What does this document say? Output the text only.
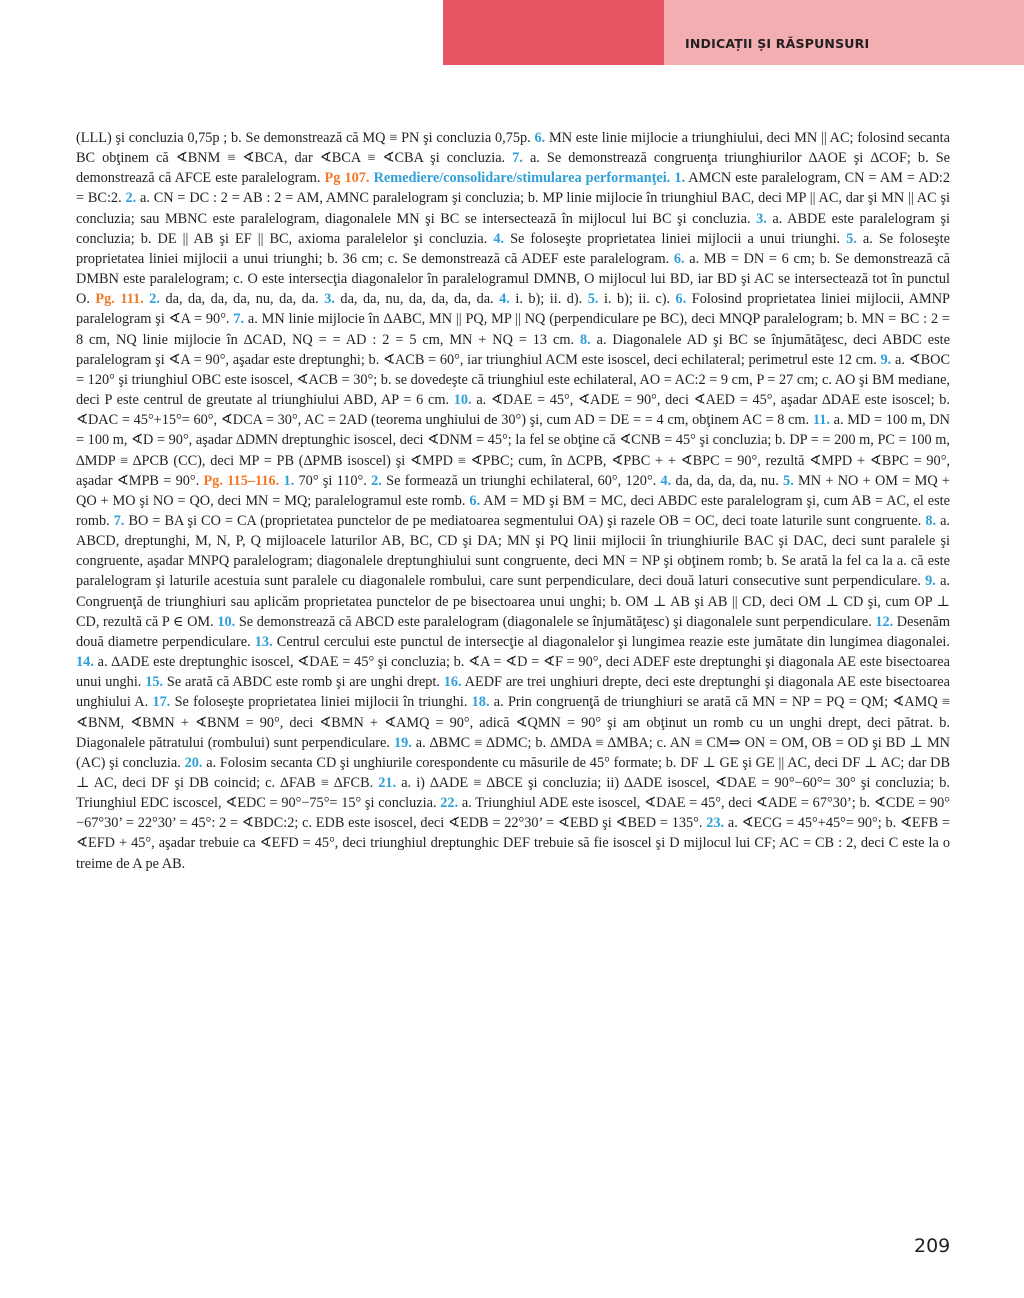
INDICAȚII ȘI RĂSPUNSURI

(LLL) şi concluzia 0,75p ; b. Se demonstrează că MQ ≡ PN şi concluzia 0,75p. 6. MN este linie mijlocie a triunghiului, deci MN || AC; folosind secanta BC obţinem că ∢BNM ≡ ∢BCA, dar ∢BCA ≡ ∢CBA şi concluzia. 7. a. Se demonstrează congruenţa triunghiurilor ∆AOE şi ∆COF; b. Se demonstrează că AFCE este paralelogram. Pg 107. Remediere/consolidare/stimularea performanţei. 1. AMCN este paralelogram, CN = AM = AD:2 = BC:2. 2. a. CN = DC : 2 = AB : 2 = AM, AMNC paralelogram şi concluzia; b. MP linie mijlocie în triunghiul BAC, deci MP || AC, dar şi MN || AC şi concluzia; sau MBNC este paralelogram, diagonalele MN şi BC se intersectează în mijlocul lui BC şi concluzia. 3. a. ABDE este paralelogram şi concluzia; b. DE || AB şi EF || BC, axioma paralelelor şi concluzia. 4. Se foloseşte proprietatea liniei mijlocii a unui triunghi. 5. a. Se foloseşte proprietatea liniei mijlocii a unui triunghi; b. 36 cm; c. Se demonstrează că ADEF este paralelogram. 6. a. MB = DN = 6 cm; b. Se demonstrează că DMBN este paralelogram; c. O este intersecţia diagonalelor în paralelogramul DMNB, O mijlocul lui BD, iar BD şi AC se intersectează tot în punctul O. Pg. 111. 2. da, da, da, da, nu, da, da. 3. da, da, nu, da, da, da, da. 4. i. b); ii. d). 5. i. b); ii. c). 6. Folosind proprietatea liniei mijlocii, AMNP paralelogram şi ∢A = 90°. 7. a. MN linie mijlocie în ∆ABC, MN || PQ, MP || NQ (perpendiculare pe BC), deci MNQP paralelogram; b. MN = BC : 2 = 8 cm, NQ linie mijlocie în ∆CAD, NQ = = AD : 2 = 5 cm, MN + NQ = 13 cm. 8. a. Diagonalele AD şi BC se înjumătăţesc, deci ABDC este paralelogram şi ∢A = 90°, aşadar este dreptunghi; b. ∢ACB = 60°, iar triunghiul ACM este isoscel, deci echilateral; perimetrul este 12 cm. 9. a. ∢BOC = 120° şi triunghiul OBC este isoscel, ∢ACB = 30°; b. se dovedeşte că triunghiul este echilateral, AO = AC:2 = 9 cm, P = 27 cm; c. AO şi BM mediane, deci P este centrul de greutate al triunghiului ABD, AP = 6 cm. 10. a. ∢DAE = 45°, ∢ADE = 90°, deci ∢AED = 45°, aşadar ∆DAE este isoscel; b. ∢DAC = 45°+15°= 60°, ∢DCA = 30°, AC = 2AD (teorema unghiului de 30°) şi, cum AD = DE = = 4 cm, obţinem AC = 8 cm. 11. a. MD = 100 m, DN = 100 m, ∢D = 90°, aşadar ∆DMN dreptunghic isoscel, deci ∢DNM = 45°; la fel se obţine că ∢CNB = 45° şi concluzia; b. DP = = 200 m, PC = 100 m, ∆MDP ≡ ∆PCB (CC), deci MP = PB (∆PMB isoscel) şi ∢MPD ≡ ∢PBC; cum, în ∆CPB, ∢PBC + + ∢BPC = 90°, rezultă ∢MPD + ∢BPC = 90°, aşadar ∢MPB = 90°. Pg. 115–116. 1. 70° şi 110°. 2. Se formează un triunghi echilateral, 60°, 120°. 4. da, da, da, da, nu. 5. MN + NO + OM = MQ + QO + MO şi NO = QO, deci MN = MQ; paralelogramul este romb. 6. AM = MD şi BM = MC, deci ABDC este paralelogram şi, cum AB = AC, el este romb. 7. BO = BA şi CO = CA (proprietatea punctelor de pe mediatoarea segmentului OA) şi razele OB = OC, deci toate laturile sunt congruente. 8. a. ABCD, dreptunghi, M, N, P, Q mijloacele laturilor AB, BC, CD şi DA; MN şi PQ linii mijlocii în triunghiurile BAC şi DAC, deci sunt paralele şi congruente, aşadar MNPQ paralelogram; diagonalele dreptunghiului sunt congruente, deci MN = NP şi obţinem romb; b. Se arată la fel ca la a. că este paralelogram şi laturile acestuia sunt paralele cu diagonalele rombului, care sunt perpendiculare, deci două laturi consecutive sunt perpendiculare. 9. a. Congruenţă de triunghiuri sau aplicăm proprietatea punctelor de pe bisectoarea unui unghi; b. OM ⊥ AB şi AB || CD, deci OM ⊥ CD şi, cum OP ⊥ CD, rezultă că P ∈ OM. 10. Se demonstrează că ABCD este paralelogram (diagonalele se înjumătăţesc) şi diagonalele sunt perpendiculare. 12. Desenăm două diametre perpendiculare. 13. Centrul cercului este punctul de intersecţie al diagonalelor şi lungimea reazie este jumătate din lungimea diagonalei. 14. a. ∆ADE este dreptunghic isoscel, ∢DAE = 45° şi concluzia; b. ∢A = ∢D = ∢F = 90°, deci ADEF este dreptunghi şi diagonala AE este bisectoarea unui unghi. 15. Se arată că ABDC este romb şi are unghi drept. 16. AEDF are trei unghiuri drepte, deci este dreptunghi şi diagonala AE este bisectoarea unghiului A. 17. Se foloseşte proprietatea liniei mijlocii în triunghi. 18. a. Prin congruenţă de triunghiuri se arată că MN = NP = PQ = QM; ∢AMQ ≡ ∢BNM, ∢BMN + ∢BNM = 90°, deci ∢BMN + ∢AMQ = 90°, adică ∢QMN = 90° şi am obţinut un romb cu un unghi drept, deci pătrat. b. Diagonalele pătratului (rombului) sunt perpendiculare. 19. a. ∆BMC ≡ ∆DMC; b. ∆MDA ≡ ∆MBA; c. AN ≡ CM⇒ ON = OM, OB = OD şi BD ⊥ MN (AC) şi concluzia. 20. a. Folosim secanta CD şi unghiurile corespondente cu măsurile de 45° formate; b. DF ⊥ GE şi GE || AC, deci DF ⊥ AC; dar DB ⊥ AC, deci DF şi DB coincid; c. ∆FAB ≡ ∆FCB. 21. a. i) ∆ADE ≡ ∆BCE şi concluzia; ii) ∆ADE isoscel, ∢DAE = 90°−60°= 30° şi concluzia; b. Triunghiul EDC iscoscel, ∢EDC = 90°−75°= 15° şi concluzia. 22. a. Triunghiul ADE este isoscel, ∢DAE = 45°, deci ∢ADE = 67°30’; b. ∢CDE = 90°−67°30’ = 22°30’ = 45°: 2 = ∢BDC:2; c. EDB este isoscel, deci ∢EDB = 22°30’ = ∢EBD şi ∢BED = 135°. 23. a. ∢ECG = 45°+45°= 90°; b. ∢EFB = ∢EFD + 45°, aşadar trebuie ca ∢EFD = 45°, deci triunghiul dreptunghic DEF trebuie să fie isoscel şi D mijlocul lui CF; AC = CB : 2, deci C este la o treime de A pe AB.

209
